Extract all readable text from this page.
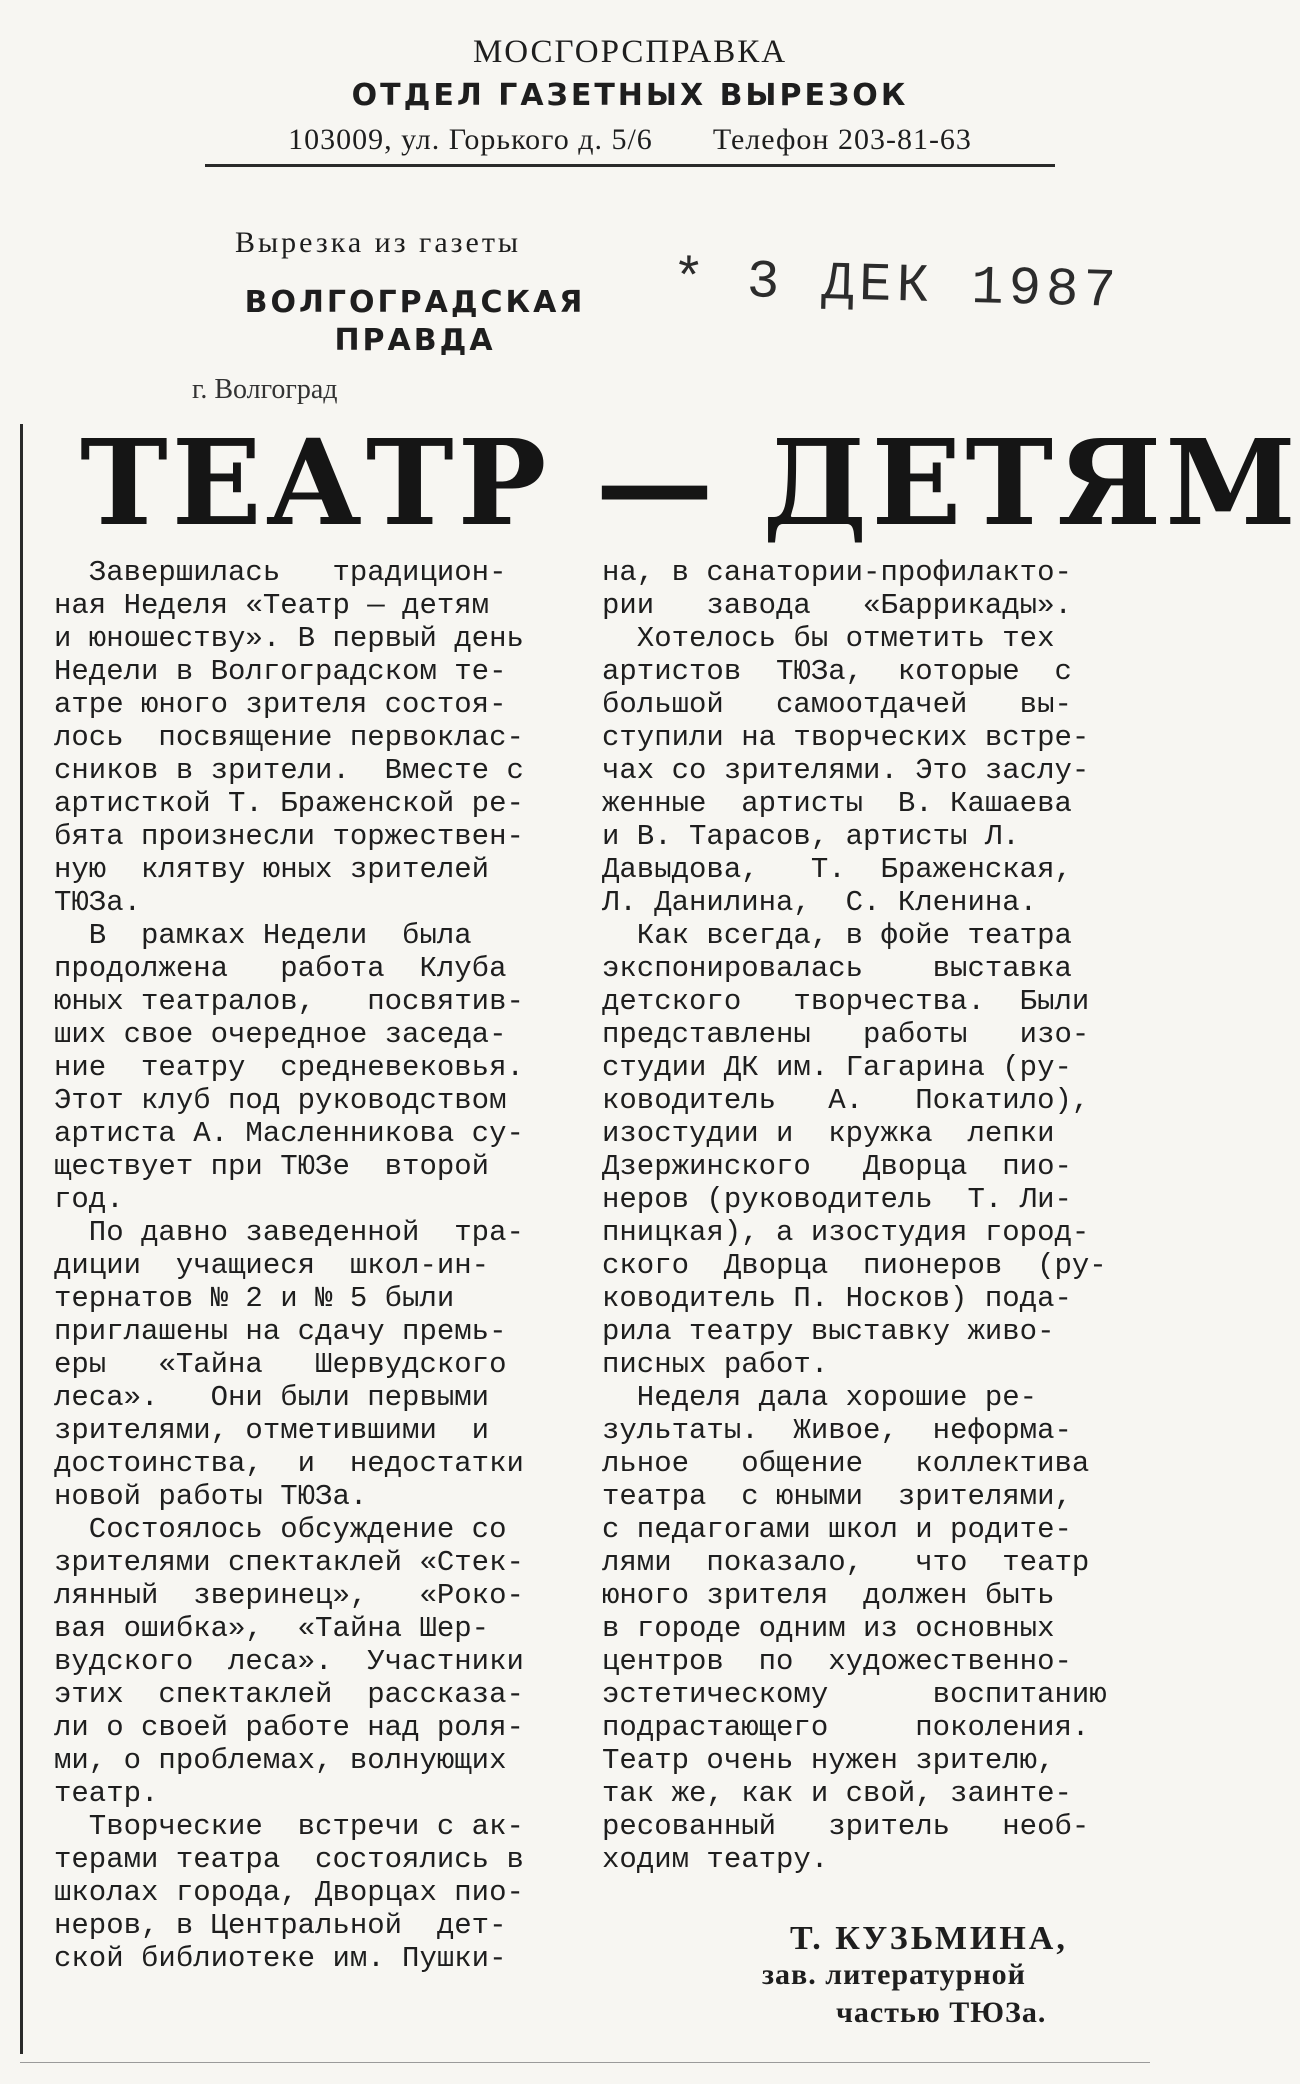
МОСГОРСПРАВКА
ОТДЕЛ ГАЗЕТНЫХ ВЫРЕЗОК
103009, ул. Горького д. 5/6 Телефон 203-81-63
Вырезка из газеты
ВОЛГОГРАДСКАЯ
ПРАВДА
г. Волгоград
* 3 ДЕК 1987
ТЕАТР — ДЕТЯМ
Завершилась   традицион-
ная Неделя «Театр — детям
и юношеству». В первый день
Недели в Волгоградском те-
атре юного зрителя состоя-
лось  посвящение первоклас-
сников в зрители.  Вместе с
артисткой Т. Браженской ре-
бята произнесли торжествен-
ную  клятву юных зрителей
ТЮЗа.
В  рамках Недели  была
продолжена   работа  Клуба
юных театралов,   посвятив-
ших свое очередное заседа-
ние  театру  средневековья.
Этот клуб под руководством
артиста А. Масленникова су-
ществует при ТЮЗе  второй
год.
По давно заведенной  тра-
диции  учащиеся  школ-ин-
тернатов № 2 и № 5 были
приглашены на сдачу премь-
еры   «Тайна   Шервудского
леса».   Они были первыми
зрителями, отметившими  и
достоинства,  и  недостатки
новой работы ТЮЗа.
Состоялось обсуждение со
зрителями спектаклей «Стек-
лянный  зверинец»,   «Роко-
вая ошибка»,  «Тайна Шер-
вудского  леса».  Участники
этих  спектаклей  рассказа-
ли о своей работе над роля-
ми, о проблемах, волнующих
театр.
Творческие  встречи с ак-
терами театра  состоялись в
школах города, Дворцах пио-
неров, в Центральной  дет-
ской библиотеке им. Пушки-
на, в санатории-профилакто-
рии   завода   «Баррикады».
Хотелось бы отметить тех
артистов  ТЮЗа,  которые  с
большой   самоотдачей   вы-
ступили на творческих встре-
чах со зрителями. Это заслу-
женные  артисты  В. Кашаева
и В. Тарасов, артисты Л.
Давыдова,   Т.  Браженская,
Л. Данилина,  С. Кленина.
Как всегда, в фойе театра
экспонировалась    выставка
детского   творчества.  Были
представлены   работы   изо-
студии ДК им. Гагарина (ру-
ководитель   А.   Покатило),
изостудии и  кружка  лепки
Дзержинского   Дворца  пио-
неров (руководитель  Т. Ли-
пницкая), а изостудия город-
ского  Дворца  пионеров  (ру-
ководитель П. Носков) пода-
рила театру выставку живо-
писных работ.
Неделя дала хорошие ре-
зультаты.  Живое,  неформа-
льное   общение   коллектива
театра  с юными  зрителями,
с педагогами школ и родите-
лями  показало,   что  театр
юного зрителя  должен быть
в городе одним из основных
центров  по  художественно-
эстетическому      воспитанию
подрастающего     поколения.
Театр очень нужен зрителю,
так же, как и свой, заинте-
ресованный   зритель   необ-
ходим театру.
Т. КУЗЬМИНА,
зав. литературной
частью ТЮЗа.
